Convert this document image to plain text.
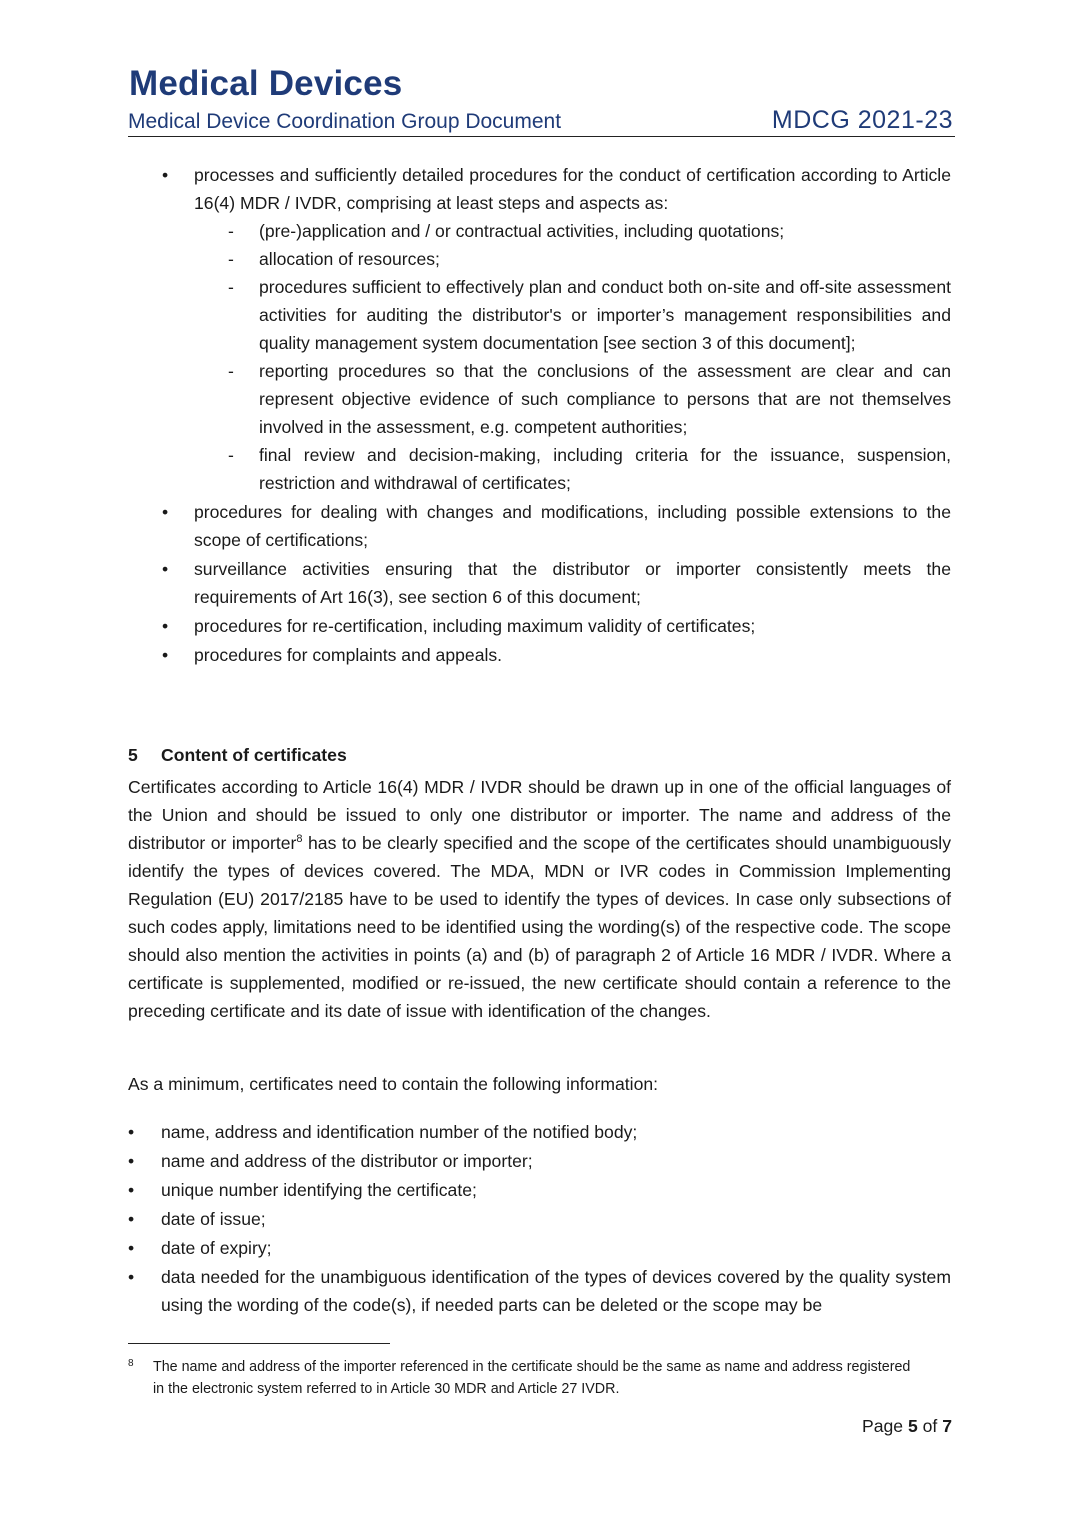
Medical Devices
Medical Device Coordination Group Document	MDCG 2021-23
• processes and sufficiently detailed procedures for the conduct of certification according to Article 16(4) MDR / IVDR, comprising at least steps and aspects as:
- (pre-)application and / or contractual activities, including quotations;
- allocation of resources;
- procedures sufficient to effectively plan and conduct both on-site and off-site assessment activities for auditing the distributor's or importer’s management responsibilities and quality management system documentation [see section 3 of this document];
- reporting procedures so that the conclusions of the assessment are clear and can represent objective evidence of such compliance to persons that are not themselves involved in the assessment, e.g. competent authorities;
- final review and decision-making, including criteria for the issuance, suspension, restriction and withdrawal of certificates;
• procedures for dealing with changes and modifications, including possible extensions to the scope of certifications;
• surveillance activities ensuring that the distributor or importer consistently meets the requirements of Art 16(3), see section 6 of this document;
• procedures for re-certification, including maximum validity of certificates;
• procedures for complaints and appeals.
5 Content of certificates

Certificates according to Article 16(4) MDR / IVDR should be drawn up in one of the official languages of the Union and should be issued to only one distributor or importer. The name and address of the distributor or importer$^8$ has to be clearly specified and the scope of the certificates should unambiguously identify the types of devices covered. The MDA, MDN or IVR codes in Commission Implementing Regulation (EU) 2017/2185 have to be used to identify the types of devices. In case only subsections of such codes apply, limitations need to be identified using the wording(s) of the respective code. The scope should also mention the activities in points (a) and (b) of paragraph 2 of Article 16 MDR / IVDR. Where a certificate is supplemented, modified or re-issued, the new certificate should contain a reference to the preceding certificate and its date of issue with identification of the changes.

As a minimum, certificates need to contain the following information:

• name, address and identification number of the notified body;
• name and address of the distributor or importer;
• unique number identifying the certificate;
• date of issue;
• date of expiry;
• data needed for the unambiguous identification of the types of devices covered by the quality system using the wording of the code(s), if needed parts can be deleted or the scope may be
8	The name and address of the importer referenced in the certificate should be the same as name and address registered in the electronic system referred to in Article 30 MDR and Article 27 IVDR.
Page 5 of 7
